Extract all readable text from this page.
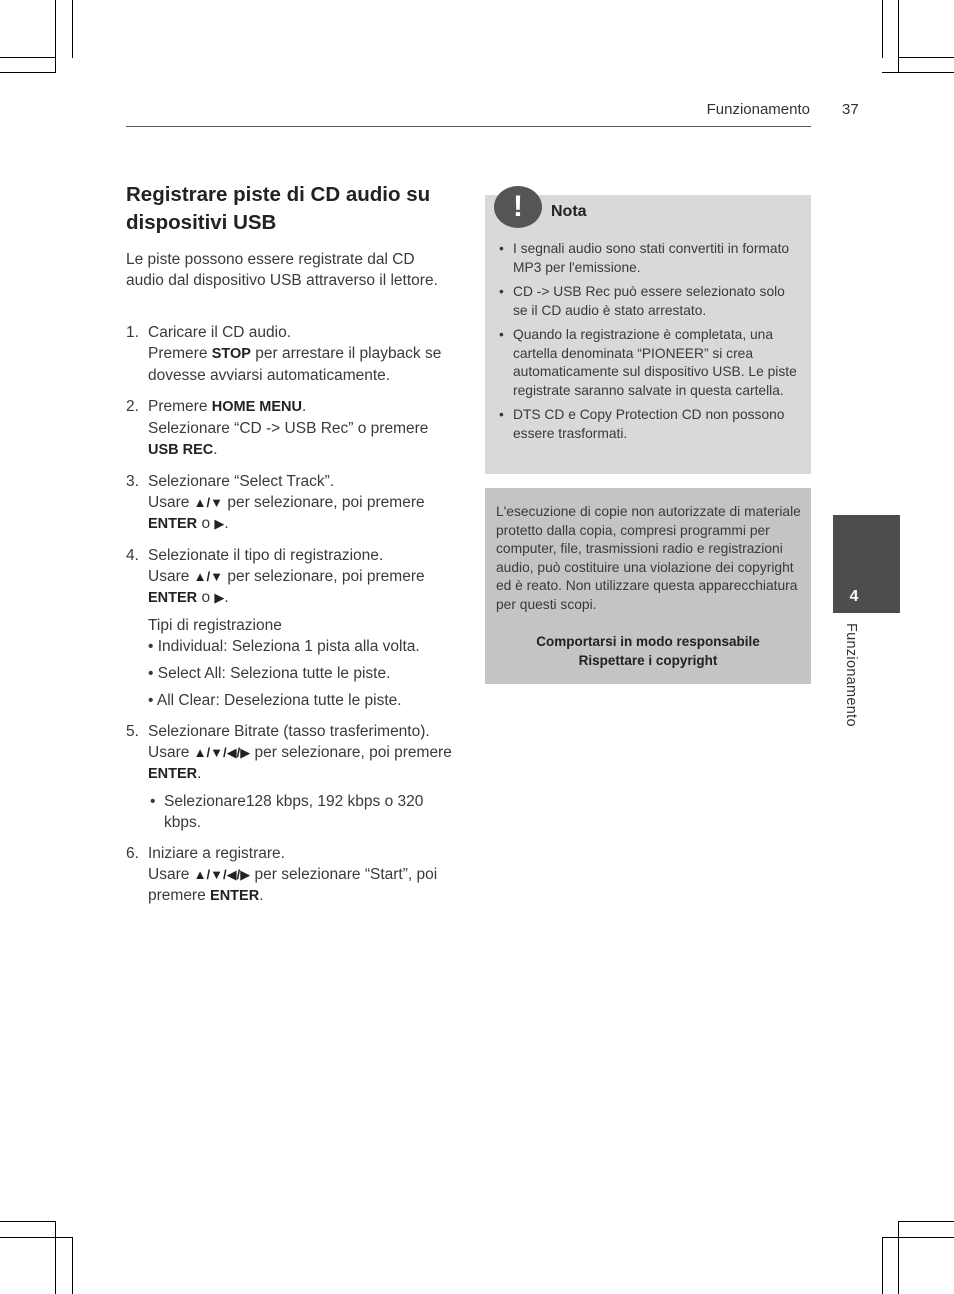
Funzionamento 37
Registrare piste di CD audio su dispositivi USB

Le piste possono essere registrate dal CD audio dal dispositivo USB attraverso il lettore.

1. Caricare il CD audio.
Premere STOP per arrestare il playback se dovesse avviarsi automaticamente.
2. Premere HOME MENU.
Selezionare “CD -> USB Rec” o premere USB REC.
3. Selezionare “Select Track”.
Usare ▲/▼ per selezionare, poi premere ENTER o ▶.
4. Selezionate il tipo di registrazione.
Usare ▲/▼ per selezionare, poi premere ENTER o ▶.
Tipi di registrazione
• Individual: Seleziona 1 pista alla volta.
• Select All: Seleziona tutte le piste.
• All Clear: Deseleziona tutte le piste.
5. Selezionare Bitrate (tasso trasferimento).
Usare ▲/▼/◀/▶ per selezionare, poi premere ENTER.
• Selezionare128 kbps, 192 kbps o 320 kbps.
6. Iniziare a registrare.
Usare ▲/▼/◀/▶ per selezionare “Start”, poi premere ENTER.
!	Nota
• I segnali audio sono stati convertiti in formato MP3 per l'emissione.
• CD -> USB Rec può essere selezionato solo se il CD audio è stato arrestato.
• Quando la registrazione è completata, una cartella denominata “PIONEER” si crea automaticamente sul dispositivo USB. Le piste registrate saranno salvate in questa cartella.
• DTS CD e Copy Protection CD non possono essere trasformati.

L'esecuzione di copie non autorizzate di materiale protetto dalla copia, compresi programmi per computer, file, trasmissioni radio e registrazioni audio, può costituire una violazione dei copyright ed è reato. Non utilizzare questa apparecchiatura per questi scopi.

Comportarsi in modo responsabile
Rispettare i copyright
4
Funzionamento
